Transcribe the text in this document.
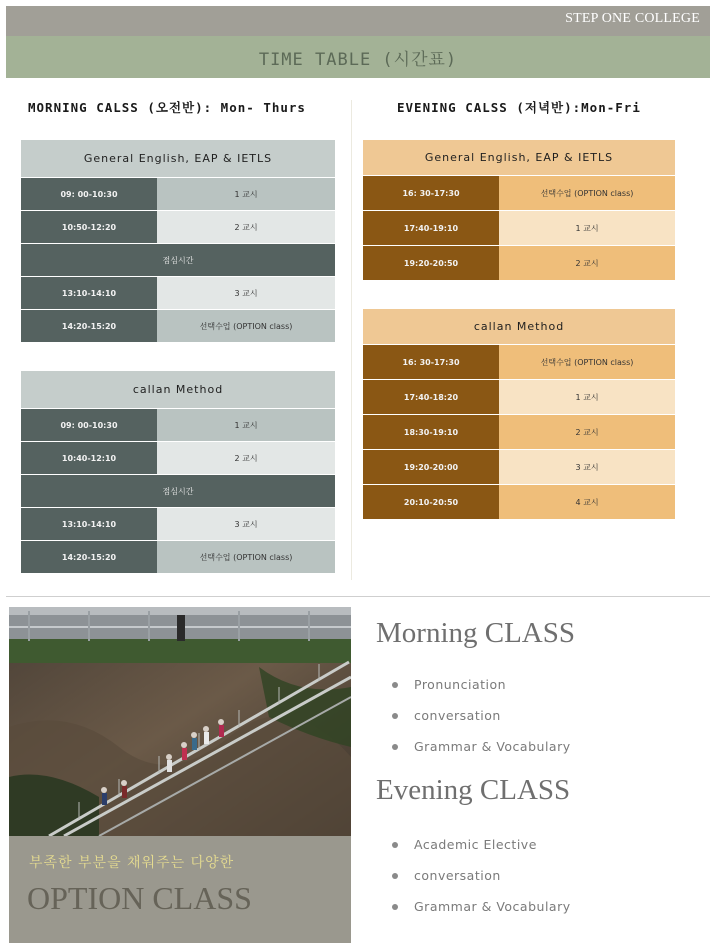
STEP ONE COLLEGE
TIME TABLE (시간표)
MORNING CALSS (오전반): Mon- Thurs	EVENING CALSS (저녁반):Mon-Fri
General English, EAP & IETLS
09: 00-10:30	1 교시
10:50-12:20	2 교시
점심시간
13:10-14:10	3 교시
14:20-15:20	선택수업 (OPTION class)
callan Method
09: 00-10:30	1 교시
10:40-12:10	2 교시
점심시간
13:10-14:10	3 교시
14:20-15:20	선택수업 (OPTION class)
General English, EAP & IETLS
16: 30-17:30	선택수업 (OPTION class)
17:40-19:10	1 교시
19:20-20:50	2 교시
callan Method
16: 30-17:30	선택수업 (OPTION class)
17:40-18:20	1 교시
18:30-19:10	2 교시
19:20-20:00	3 교시
20:10-20:50	4 교시
부족한 부분을 채워주는 다양한
OPTION CLASS
Morning CLASS
Pronunciation
conversation
Grammar & Vocabulary
Evening CLASS
Academic Elective
conversation
Grammar & Vocabulary
